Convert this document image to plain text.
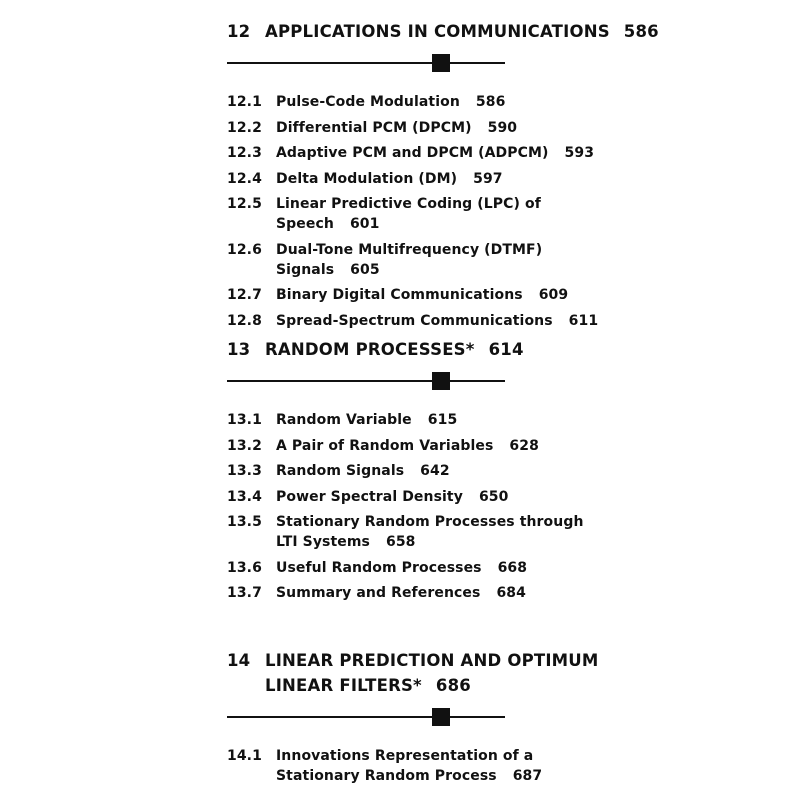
12 APPLICATIONS IN COMMUNICATIONS 586
12.1	Pulse-Code Modulation 586
12.2	Differential PCM (DPCM) 590
12.3	Adaptive PCM and DPCM (ADPCM) 593
12.4	Delta Modulation (DM) 597
12.5	Linear Predictive Coding (LPC) of Speech 601
12.6	Dual-Tone Multifrequency (DTMF) Signals 605
12.7	Binary Digital Communications 609
12.8	Spread-Spectrum Communications 611
13 RANDOM PROCESSES* 614
13.1	Random Variable 615
13.2	A Pair of Random Variables 628
13.3	Random Signals 642
13.4	Power Spectral Density 650
13.5	Stationary Random Processes through LTI Systems 658
13.6	Useful Random Processes 668
13.7	Summary and References 684
14 LINEAR PREDICTION AND OPTIMUM LINEAR FILTERS* 686
14.1	Innovations Representation of a Stationary Random Process 687
